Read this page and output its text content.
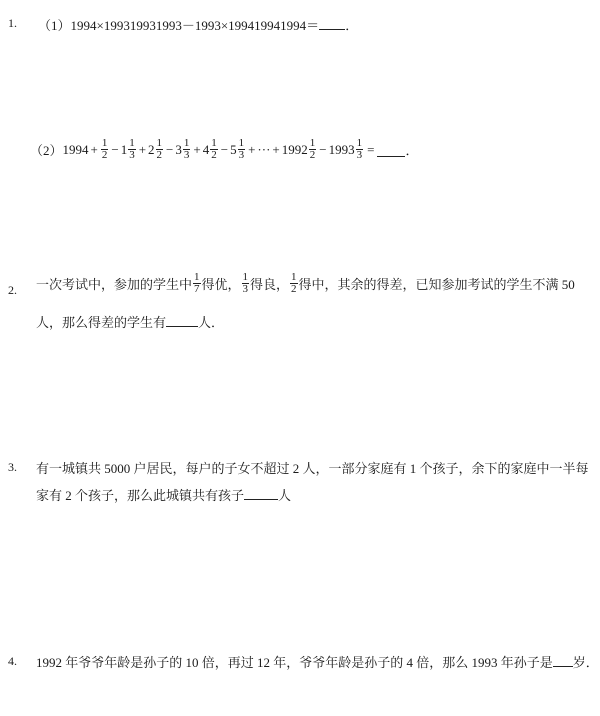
1. （1）1994×199319931993－1993×199419941994＝ ．
（2） $1994 + \frac{1}{2} - 1 \frac{1}{3} + 2 \frac{1}{2} - 3 \frac{1}{3} + 4 \frac{1}{2} - 5 \frac{1}{3}$ + ··· + $1992 \frac{1}{2} - 1993 \frac{1}{3}$ = ．
2. 一次考试中，参加的学生中 $\frac{1}{7}$ 得优， $\frac{1}{3}$ 得良， $\frac{1}{2}$ 得中，其余的得差，已知参加考试的学生不满 50
人，那么得差的学生有 人．
3. 有一城镇共 5000 户居民，每户的子女不超过 2 人，一部分家庭有 1 个孩子，余下的家庭中一半每
家有 2 个孩子，那么此城镇共有孩子	人
4. 1992 年爷爷年龄是孙子的 10 倍，再过 12 年，爷爷年龄是孙子的 4 倍，那么 1993 年孙子是 岁．
